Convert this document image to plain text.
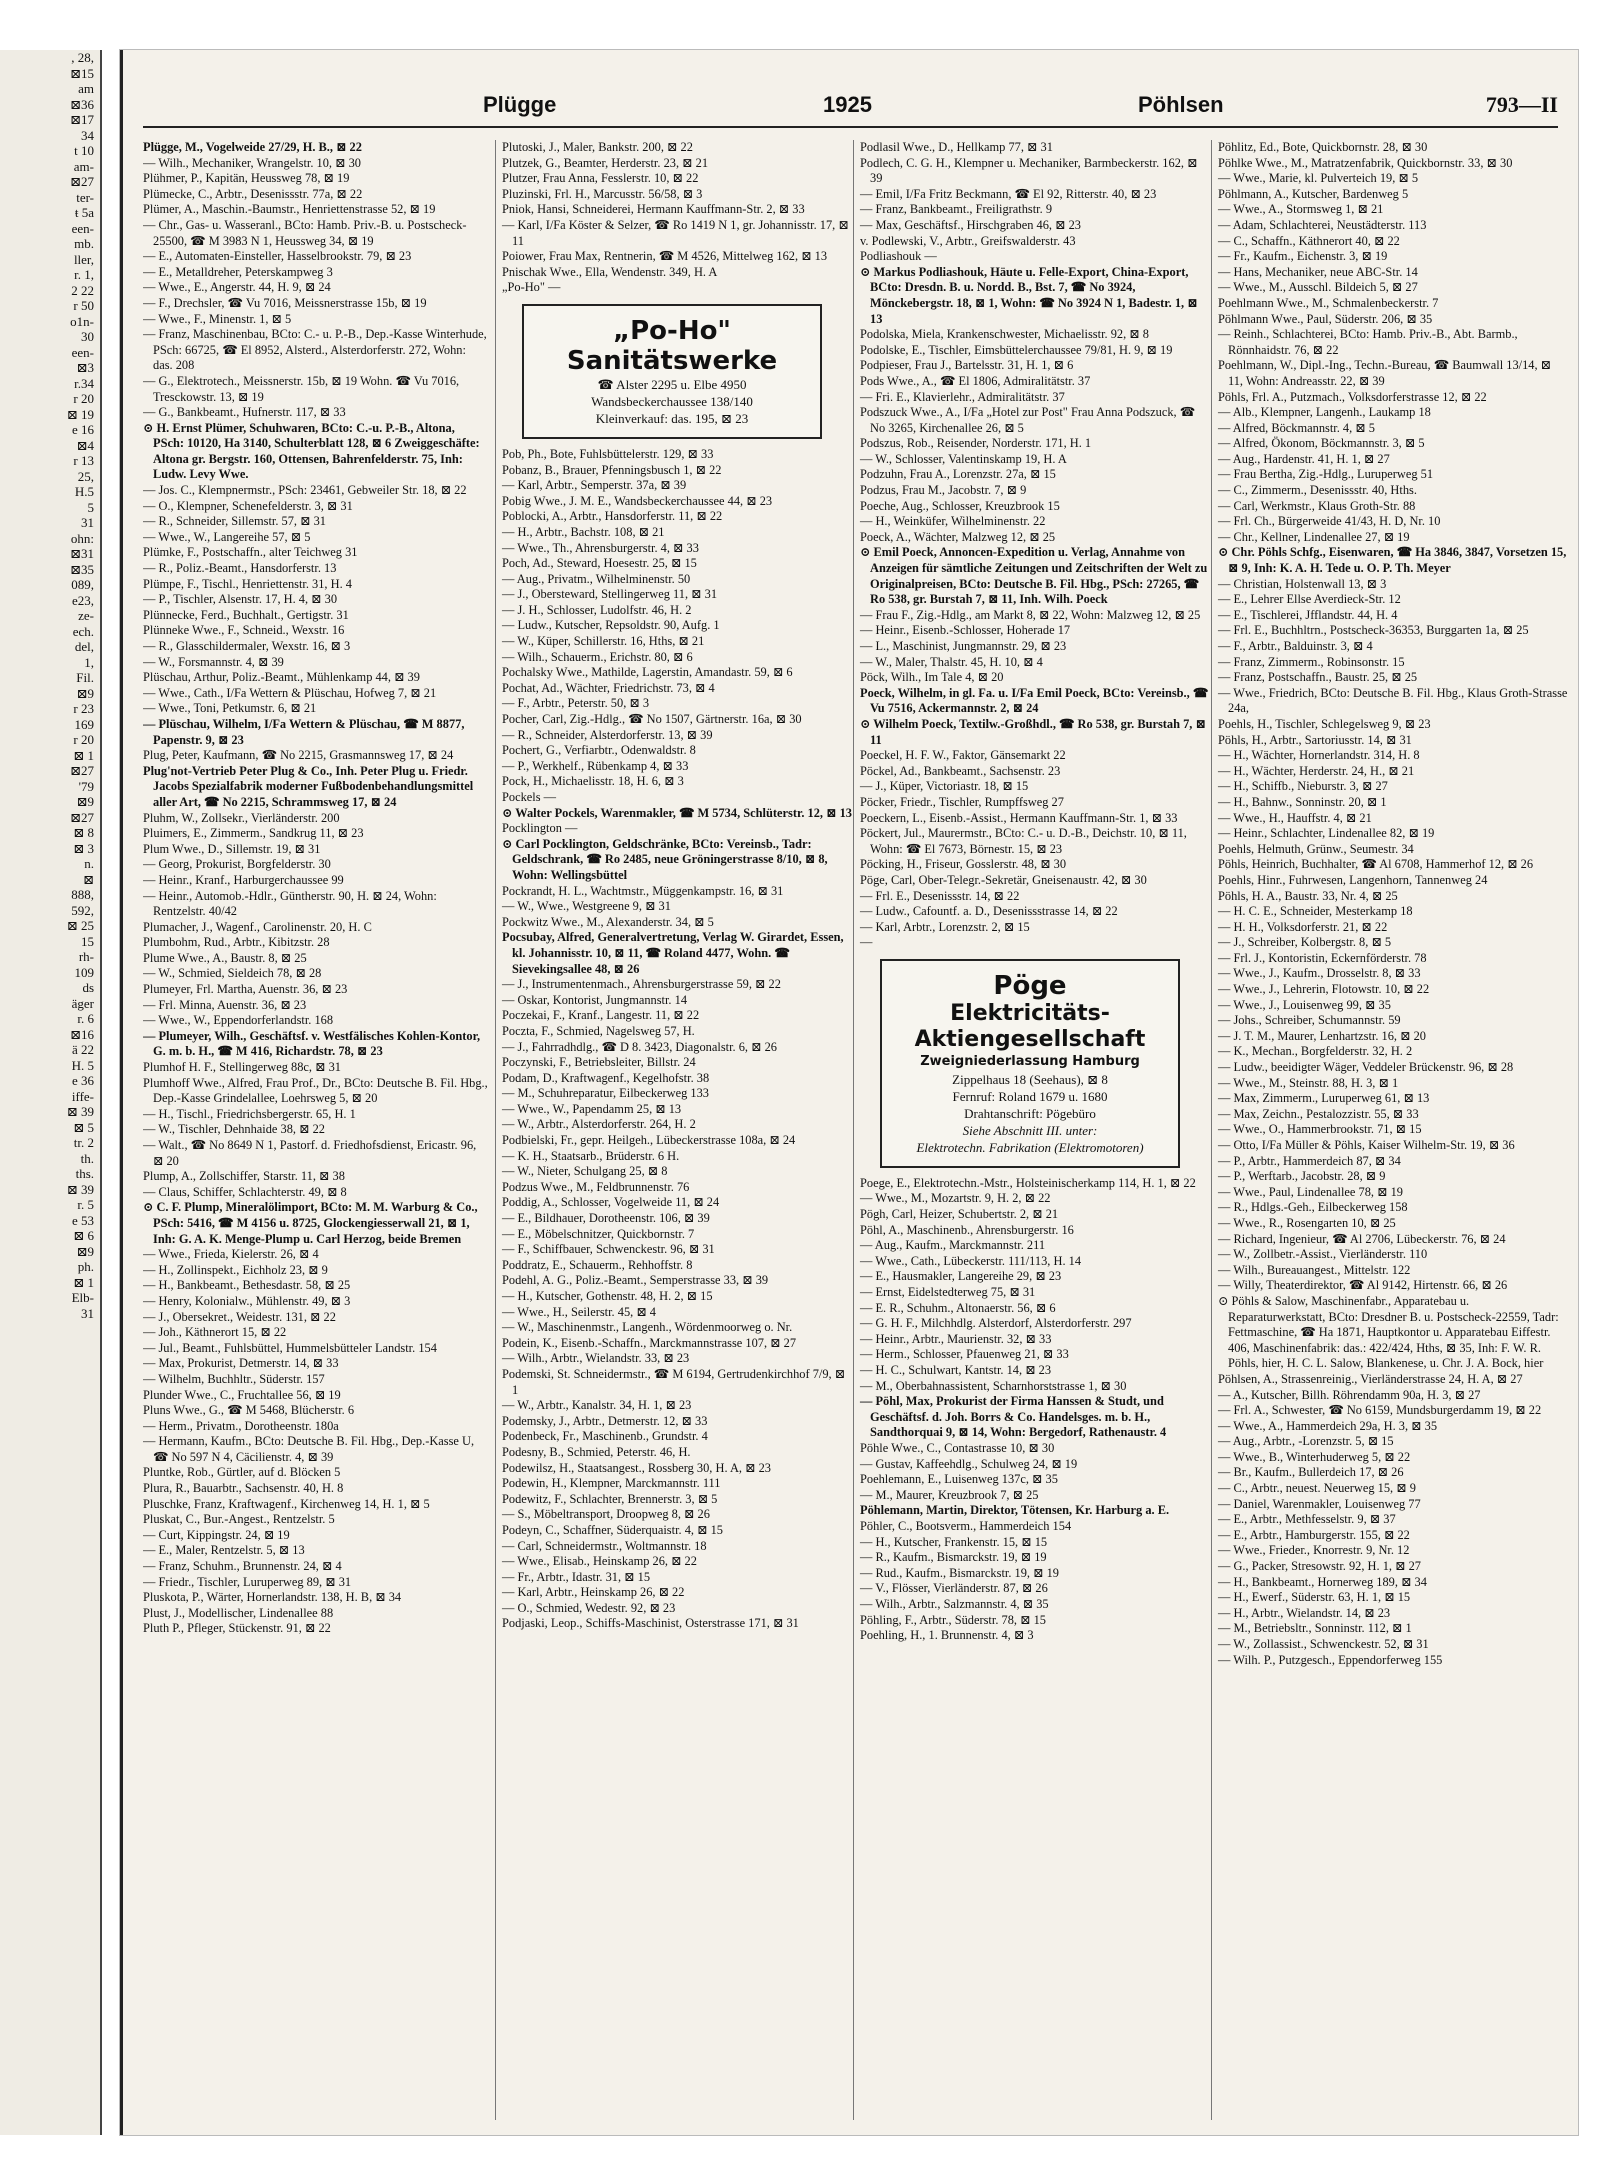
, 28,
⊠15
am
⊠36
⊠17
34
t 10
am-
⊠27
ter-
ŧ 5a
een-
mb.
ller,
r. 1,
2 22
r 50
o1n-
30
een-
⊠3
r.34
r 20
⊠ 19
e 16
⊠4
r 13
25,
H.5
5
31
ohn:
⊠31
⊠35
089,
e23,
ze-
ech.
del,
1,
Fil.
⊠9
r 23
169
r 20
⊠ 1
⊠27
'79
⊠9
⊠27
⊠ 8
⊠ 3
n.
⊠
888,
592,
⊠ 25
15
rh-
109
ds
äger
r. 6
⊠16
ä 22
H. 5
e 36
iffe-
⊠ 39
⊠ 5
tr. 2
th.
ths.
⊠ 39
r. 5
e 53
⊠ 6
⊠9
ph.
⊠ 1
Elb-
31
Plügge	1925	Pöhlsen	793—II

Plügge, M., Vogelweide 27/29, H. B., ⊠ 22

— Wilh., Mechaniker, Wrangelstr. 10, ⊠ 30

Plühmer, P., Kapitän, Heussweg 78, ⊠ 19

Plümecke, C., Arbtr., Desenissstr. 77a, ⊠ 22

Plümer, A., Maschin.-Baumstr., Henriettenstrasse 52, ⊠ 19

— Chr., Gas- u. Wasseranl., BCto: Hamb. Priv.-B. u. Postscheck-25500, ☎ M 3983 N 1, Heussweg 34, ⊠ 19

— E., Automaten-Einsteller, Hasselbrookstr. 79, ⊠ 23

— E., Metalldreher, Peterskampweg 3

— Wwe., E., Angerstr. 44, H. 9, ⊠ 24

— F., Drechsler, ☎ Vu 7016, Meissnerstrasse 15b, ⊠ 19

— Wwe., F., Minenstr. 1, ⊠ 5

— Franz, Maschinenbau, BCto: C.- u. P.-B., Dep.-Kasse Winterhude, PSch: 66725, ☎ El 8952, Alsterd., Alsterdorferstr. 272, Wohn: das. 208

— G., Elektrotech., Meissnerstr. 15b, ⊠ 19 Wohn. ☎ Vu 7016, Tresckowstr. 13, ⊠ 19

— G., Bankbeamt., Hufnerstr. 117, ⊠ 33

⊙ H. Ernst Plümer, Schuhwaren, BCto: C.-u. P.-B., Altona, PSch: 10120, Ha 3140, Schulterblatt 128, ⊠ 6 Zweiggeschäfte: Altona gr. Bergstr. 160, Ottensen, Bahrenfelderstr. 75, Inh: Ludw. Levy Wwe.

— Jos. C., Klempnermstr., PSch: 23461, Gebweiler Str. 18, ⊠ 22

— O., Klempner, Schenefelderstr. 3, ⊠ 31

— R., Schneider, Sillemstr. 57, ⊠ 31

— Wwe., W., Langereihe 57, ⊠ 5

Plümke, F., Postschaffn., alter Teichweg 31

— R., Poliz.-Beamt., Hansdorferstr. 13

Plümpe, F., Tischl., Henriettenstr. 31, H. 4

— P., Tischler, Alsenstr. 17, H. 4, ⊠ 30

Plünnecke, Ferd., Buchhalt., Gertigstr. 31

Plünneke Wwe., F., Schneid., Wexstr. 16

— R., Glasschildermaler, Wexstr. 16, ⊠ 3

— W., Forsmannstr. 4, ⊠ 39

Plüschau, Arthur, Poliz.-Beamt., Mühlenkamp 44, ⊠ 39

— Wwe., Cath., I/Fa Wettern & Plüschau, Hofweg 7, ⊠ 21

— Wwe., Toni, Petkumstr. 6, ⊠ 21

— Plüschau, Wilhelm, I/Fa Wettern & Plüschau, ☎ M 8877, Papenstr. 9, ⊠ 23

Plug, Peter, Kaufmann, ☎ No 2215, Grasmannsweg 17, ⊠ 24

Plug'not-Vertrieb Peter Plug & Co., Inh. Peter Plug u. Friedr. Jacobs Spezialfabrik moderner Fußbodenbehandlungsmittel aller Art, ☎ No 2215, Schrammsweg 17, ⊠ 24

Pluhm, W., Zollsekr., Vierländerstr. 200

Pluimers, E., Zimmerm., Sandkrug 11, ⊠ 23

Plum Wwe., D., Sillemstr. 19, ⊠ 31

— Georg, Prokurist, Borgfelderstr. 30

— Heinr., Kranf., Harburgerchaussee 99

— Heinr., Automob.-Hdlr., Güntherstr. 90, H. ⊠ 24, Wohn: Rentzelstr. 40/42

Plumacher, J., Wagenf., Carolinenstr. 20, H. C

Plumbohm, Rud., Arbtr., Kibitzstr. 28

Plume Wwe., A., Baustr. 8, ⊠ 25

— W., Schmied, Sieldeich 78, ⊠ 28

Plumeyer, Frl. Martha, Auenstr. 36, ⊠ 23

— Frl. Minna, Auenstr. 36, ⊠ 23

— Wwe., W., Eppendorferlandstr. 168

— Plumeyer, Wilh., Geschäftsf. v. Westfälisches Kohlen-Kontor, G. m. b. H., ☎ M 416, Richardstr. 78, ⊠ 23

Plumhof H. F., Stellingerweg 88c, ⊠ 31

Plumhoff Wwe., Alfred, Frau Prof., Dr., BCto: Deutsche B. Fil. Hbg., Dep.-Kasse Grindelallee, Loehrsweg 5, ⊠ 20

— H., Tischl., Friedrichsbergerstr. 65, H. 1

— W., Tischler, Dehnhaide 38, ⊠ 22

— Walt., ☎ No 8649 N 1, Pastorf. d. Friedhofsdienst, Ericastr. 96, ⊠ 20

Plump, A., Zollschiffer, Starstr. 11, ⊠ 38

— Claus, Schiffer, Schlachterstr. 49, ⊠ 8

⊙ C. F. Plump, Mineralölimport, BCto: M. M. Warburg & Co., PSch: 5416, ☎ M 4156 u. 8725, Glockengiesserwall 21, ⊠ 1, Inh: G. A. K. Menge-Plump u. Carl Herzog, beide Bremen

— Wwe., Frieda, Kielerstr. 26, ⊠ 4

— H., Zollinspekt., Eichholz 23, ⊠ 9

— H., Bankbeamt., Bethesdastr. 58, ⊠ 25

— Henry, Kolonialw., Mühlenstr. 49, ⊠ 3

— J., Obersekret., Weidestr. 131, ⊠ 22

— Joh., Käthnerort 15, ⊠ 22

— Jul., Beamt., Fuhlsbüttel, Hummelsbütteler Landstr. 154

— Max, Prokurist, Detmerstr. 14, ⊠ 33

— Wilhelm, Buchhltr., Süderstr. 157

Plunder Wwe., C., Fruchtallee 56, ⊠ 19

Pluns Wwe., G., ☎ M 5468, Blücherstr. 6

— Herm., Privatm., Dorotheenstr. 180a

— Hermann, Kaufm., BCto: Deutsche B. Fil. Hbg., Dep.-Kasse U, ☎ No 597 N 4, Cäcilienstr. 4, ⊠ 39

Pluntke, Rob., Gürtler, auf d. Blöcken 5

Plura, R., Bauarbtr., Sachsenstr. 40, H. 8

Pluschke, Franz, Kraftwagenf., Kirchenweg 14, H. 1, ⊠ 5

Pluskat, C., Bur.-Angest., Rentzelstr. 5

— Curt, Kippingstr. 24, ⊠ 19

— E., Maler, Rentzelstr. 5, ⊠ 13

— Franz, Schuhm., Brunnenstr. 24, ⊠ 4

— Friedr., Tischler, Luruperweg 89, ⊠ 31

Pluskota, P., Wärter, Hornerlandstr. 138, H. B, ⊠ 34

Plust, J., Modellischer, Lindenallee 88

Pluth P., Pfleger, Stückenstr. 91, ⊠ 22

Plutoski, J., Maler, Bankstr. 200, ⊠ 22

Plutzek, G., Beamter, Herderstr. 23, ⊠ 21

Plutzer, Frau Anna, Fesslerstr. 10, ⊠ 22

Pluzinski, Frl. H., Marcusstr. 56/58, ⊠ 3

Pniok, Hansi, Schneiderei, Hermann Kauffmann-Str. 2, ⊠ 33

— Karl, I/Fa Köster & Selzer, ☎ Ro 1419 N 1, gr. Johannisstr. 17, ⊠ 11

Poiower, Frau Max, Rentnerin, ☎ M 4526, Mittelweg 162, ⊠ 13

Pnischak Wwe., Ella, Wendenstr. 349, H. A

„Po-Ho" —

„Po-Ho"
Sanitätswerke
☎ Alster 2295 u. Elbe 4950
Wandsbeckerchaussee 138/140
Kleinverkauf: das. 195, ⊠ 23

Pob, Ph., Bote, Fuhlsbüttelerstr. 129, ⊠ 33

Pobanz, B., Brauer, Pfenningsbusch 1, ⊠ 22

— Karl, Arbtr., Semperstr. 37a, ⊠ 39

Pobig Wwe., J. M. E., Wandsbeckerchaussee 44, ⊠ 23

Poblocki, A., Arbtr., Hansdorferstr. 11, ⊠ 22

— H., Arbtr., Bachstr. 108, ⊠ 21

— Wwe., Th., Ahrensburgerstr. 4, ⊠ 33

Poch, Ad., Steward, Hoesestr. 25, ⊠ 15

— Aug., Privatm., Wilhelminenstr. 50

— J., Obersteward, Stellingerweg 11, ⊠ 31

— J. H., Schlosser, Ludolfstr. 46, H. 2

— Ludw., Kutscher, Repsoldstr. 90, Aufg. 1

— W., Küper, Schillerstr. 16, Hths, ⊠ 21

— Wilh., Schauerm., Erichstr. 80, ⊠ 6

Pochalsky Wwe., Mathilde, Lagerstin, Amandastr. 59, ⊠ 6

Pochat, Ad., Wächter, Friedrichstr. 73, ⊠ 4

— F., Arbtr., Peterstr. 50, ⊠ 3

Pocher, Carl, Zig.-Hdlg., ☎ No 1507, Gärtnerstr. 16a, ⊠ 30

— R., Schneider, Alsterdorferstr. 13, ⊠ 39

Pochert, G., Verfiarbtr., Odenwaldstr. 8

— P., Werkhelf., Rübenkamp 4, ⊠ 33

Pock, H., Michaelisstr. 18, H. 6, ⊠ 3

Pockels —

⊙ Walter Pockels, Warenmakler, ☎ M 5734, Schlüterstr. 12, ⊠ 13

Pocklington —

⊙ Carl Pocklington, Geldschränke, BCto: Vereinsb., Tadr: Geldschrank, ☎ Ro 2485, neue Gröningerstrasse 8/10, ⊠ 8, Wohn: Wellingsbüttel

Pockrandt, H. L., Wachtmstr., Müggenkampstr. 16, ⊠ 31

— W., Wwe., Westgreene 9, ⊠ 31

Pockwitz Wwe., M., Alexanderstr. 34, ⊠ 5

Pocsubay, Alfred, Generalvertretung, Verlag W. Girardet, Essen, kl. Johannisstr. 10, ⊠ 11, ☎ Roland 4477, Wohn. ☎ Sievekingsallee 48, ⊠ 26

— J., Instrumentenmach., Ahrensburgerstrasse 59, ⊠ 22

— Oskar, Kontorist, Jungmannstr. 14

Poczekai, F., Kranf., Langestr. 11, ⊠ 22

Poczta, F., Schmied, Nagelsweg 57, H.

— J., Fahrradhdlg., ☎ D 8. 3423, Diagonalstr. 6, ⊠ 26

Poczynski, F., Betriebsleiter, Billstr. 24

Podam, D., Kraftwagenf., Kegelhofstr. 38

— M., Schuhreparatur, Eilbeckerweg 133

— Wwe., W., Papendamm 25, ⊠ 13

— W., Arbtr., Alsterdorferstr. 264, H. 2

Podbielski, Fr., gepr. Heilgeh., Lübeckerstrasse 108a, ⊠ 24

— K. H., Staatsarb., Brüderstr. 6 H.

— W., Nieter, Schulgang 25, ⊠ 8

Podzus Wwe., M., Feldbrunnenstr. 76

Poddig, A., Schlosser, Vogelweide 11, ⊠ 24

— E., Bildhauer, Dorotheenstr. 106, ⊠ 39

— E., Möbelschnitzer, Quickbornstr. 7

— F., Schiffbauer, Schwenckestr. 96, ⊠ 31

Poddratz, E., Schauerm., Rehhoffstr. 8

Podehl, A. G., Poliz.-Beamt., Semperstrasse 33, ⊠ 39

— H., Kutscher, Gothenstr. 48, H. 2, ⊠ 15

— Wwe., H., Seilerstr. 45, ⊠ 4

— W., Maschinenmstr., Langenh., Wördenmoorweg o. Nr.

Podein, K., Eisenb.-Schaffn., Marckmannstrasse 107, ⊠ 27

— Wilh., Arbtr., Wielandstr. 33, ⊠ 23

Podemski, St. Schneidermstr., ☎ M 6194, Gertrudenkirchhof 7/9, ⊠ 1

— W., Arbtr., Kanalstr. 34, H. 1, ⊠ 23

Podemsky, J., Arbtr., Detmerstr. 12, ⊠ 33

Podenbeck, Fr., Maschinenb., Grundstr. 4

Podesny, B., Schmied, Peterstr. 46, H.

Podewilsz, H., Staatsangest., Rossberg 30, H. A, ⊠ 23

Podewin, H., Klempner, Marckmannstr. 111

Podewitz, F., Schlachter, Brennerstr. 3, ⊠ 5

— S., Möbeltransport, Droopweg 8, ⊠ 26

Podeyn, C., Schaffner, Süderquaistr. 4, ⊠ 15

— Carl, Schneidermstr., Woltmannstr. 18

— Wwe., Elisab., Heinskamp 26, ⊠ 22

— Fr., Arbtr., Idastr. 31, ⊠ 15

— Karl, Arbtr., Heinskamp 26, ⊠ 22

— O., Schmied, Wedestr. 92, ⊠ 23

Podjaski, Leop., Schiffs-Maschinist, Osterstrasse 171, ⊠ 31

Podlasil Wwe., D., Hellkamp 77, ⊠ 31

Podlech, C. G. H., Klempner u. Mechaniker, Barmbeckerstr. 162, ⊠ 39

— Emil, I/Fa Fritz Beckmann, ☎ El 92, Ritterstr. 40, ⊠ 23

— Franz, Bankbeamt., Freiligrathstr. 9

— Max, Geschäftsf., Hirschgraben 46, ⊠ 23

v. Podlewski, V., Arbtr., Greifswalderstr. 43

Podliashouk —

⊙ Markus Podliashouk, Häute u. Felle-Export, China-Export, BCto: Dresdn. B. u. Nordd. B., Bst. 7, ☎ No 3924, Mönckebergstr. 18, ⊠ 1, Wohn: ☎ No 3924 N 1, Badestr. 1, ⊠ 13

Podolska, Miela, Krankenschwester, Michaelisstr. 92, ⊠ 8

Podolske, E., Tischler, Eimsbüttelerchaussee 79/81, H. 9, ⊠ 19

Podpieser, Frau J., Bartelsstr. 31, H. 1, ⊠ 6

Pods Wwe., A., ☎ El 1806, Admiralitätstr. 37

— Fri. E., Klavierlehr., Admiralitätstr. 37

Podszuck Wwe., A., I/Fa „Hotel zur Post" Frau Anna Podszuck, ☎ No 3265, Kirchenallee 26, ⊠ 5

Podszus, Rob., Reisender, Norderstr. 171, H. 1

— W., Schlosser, Valentinskamp 19, H. A

Podzuhn, Frau A., Lorenzstr. 27a, ⊠ 15

Podzus, Frau M., Jacobstr. 7, ⊠ 9

Poeche, Aug., Schlosser, Kreuzbrook 15

— H., Weinküfer, Wilhelminenstr. 22

Poeck, A., Wächter, Malzweg 12, ⊠ 25

⊙ Emil Poeck, Annoncen-Expedition u. Verlag, Annahme von Anzeigen für sämtliche Zeitungen und Zeitschriften der Welt zu Originalpreisen, BCto: Deutsche B. Fil. Hbg., PSch: 27265, ☎ Ro 538, gr. Burstah 7, ⊠ 11, Inh. Wilh. Poeck

— Frau F., Zig.-Hdlg., am Markt 8, ⊠ 22, Wohn: Malzweg 12, ⊠ 25

— Heinr., Eisenb.-Schlosser, Hoherade 17

— L., Maschinist, Jungmannstr. 29, ⊠ 23

— W., Maler, Thalstr. 45, H. 10, ⊠ 4

Pöck, Wilh., Im Tale 4, ⊠ 20

Poeck, Wilhelm, in gl. Fa. u. I/Fa Emil Poeck, BCto: Vereinsb., ☎ Vu 7516, Ackermannstr. 2, ⊠ 24

⊙ Wilhelm Poeck, Textilw.-Großhdl., ☎ Ro 538, gr. Burstah 7, ⊠ 11

Poeckel, H. F. W., Faktor, Gänsemarkt 22

Pöckel, Ad., Bankbeamt., Sachsenstr. 23

— J., Küper, Victoriastr. 18, ⊠ 15

Pöcker, Friedr., Tischler, Rumpffsweg 27

Poeckern, L., Eisenb.-Assist., Hermann Kauffmann-Str. 1, ⊠ 33

Pöckert, Jul., Maurermstr., BCto: C.- u. D.-B., Deichstr. 10, ⊠ 11, Wohn: ☎ El 7673, Börnestr. 15, ⊠ 23

Pöcking, H., Friseur, Gosslerstr. 48, ⊠ 30

Pöge, Carl, Ober-Telegr.-Sekretär, Gneisenaustr. 42, ⊠ 30

— Frl. E., Desenissstr. 14, ⊠ 22

— Ludw., Cafountf. a. D., Desenissstrasse 14, ⊠ 22

— Karl, Arbtr., Lorenzstr. 2, ⊠ 15

—

Pöge
Elektricitäts-Aktiengesellschaft
Zweigniederlassung Hamburg
Zippelhaus 18 (Seehaus), ⊠ 8
Fernruf: Roland 1679 u. 1680
Drahtanschrift: Pögebüro
Siehe Abschnitt III. unter:
Elektrotechn. Fabrikation (Elektromotoren)

Poege, E., Elektrotechn.-Mstr., Holsteinischerkamp 114, H. 1, ⊠ 22

— Wwe., M., Mozartstr. 9, H. 2, ⊠ 22

Pögh, Carl, Heizer, Schubertstr. 2, ⊠ 21

Pöhl, A., Maschinenb., Ahrensburgerstr. 16

— Aug., Kaufm., Marckmannstr. 211

— Wwe., Cath., Lübeckerstr. 111/113, H. 14

— E., Hausmakler, Langereihe 29, ⊠ 23

— Ernst, Eidelstedterweg 75, ⊠ 31

— E. R., Schuhm., Altonaerstr. 56, ⊠ 6

— G. H. F., Milchhdlg. Alsterdorf, Alsterdorferstr. 297

— Heinr., Arbtr., Maurienstr. 32, ⊠ 33

— Herm., Schlosser, Pfauenweg 21, ⊠ 33

— H. C., Schulwart, Kantstr. 14, ⊠ 23

— M., Oberbahnassistent, Scharnhorststrasse 1, ⊠ 30

— Pöhl, Max, Prokurist der Firma Hanssen & Studt, und Geschäftsf. d. Joh. Borrs & Co. Handelsges. m. b. H., Sandthorquai 9, ⊠ 14, Wohn: Bergedorf, Rathenaustr. 4

Pöhle Wwe., C., Contastrasse 10, ⊠ 30

— Gustav, Kaffeehdlg., Schulweg 24, ⊠ 19

Poehlemann, E., Luisenweg 137c, ⊠ 35

— M., Maurer, Kreuzbrook 7, ⊠ 25

Pöhlemann, Martin, Direktor, Tötensen, Kr. Harburg a. E.

Pöhler, C., Bootsverm., Hammerdeich 154

— H., Kutscher, Frankenstr. 15, ⊠ 15

— R., Kaufm., Bismarckstr. 19, ⊠ 19

— Rud., Kaufm., Bismarckstr. 19, ⊠ 19

— V., Flösser, Vierländerstr. 87, ⊠ 26

— Wilh., Arbtr., Salzmannstr. 4, ⊠ 35

Pöhling, F., Arbtr., Süderstr. 78, ⊠ 15

Poehling, H., 1. Brunnenstr. 4, ⊠ 3

Pöhlitz, Ed., Bote, Quickbornstr. 28, ⊠ 30

Pöhlke Wwe., M., Matratzenfabrik, Quickbornstr. 33, ⊠ 30

— Wwe., Marie, kl. Pulverteich 19, ⊠ 5

Pöhlmann, A., Kutscher, Bardenweg 5

— Wwe., A., Stormsweg 1, ⊠ 21

— Adam, Schlachterei, Neustädterstr. 113

— C., Schaffn., Käthnerort 40, ⊠ 22

— Fr., Kaufm., Eichenstr. 3, ⊠ 19

— Hans, Mechaniker, neue ABC-Str. 14

— Wwe., M., Ausschl. Bildeich 5, ⊠ 27

Poehlmann Wwe., M., Schmalenbeckerstr. 7

Pöhlmann Wwe., Paul, Süderstr. 206, ⊠ 35

— Reinh., Schlachterei, BCto: Hamb. Priv.-B., Abt. Barmb., Rönnhaidstr. 76, ⊠ 22

Poehlmann, W., Dipl.-Ing., Techn.-Bureau, ☎ Baumwall 13/14, ⊠ 11, Wohn: Andreasstr. 22, ⊠ 39

Pöhls, Frl. A., Putzmach., Volksdorferstrasse 12, ⊠ 22

— Alb., Klempner, Langenh., Laukamp 18

— Alfred, Böckmannstr. 4, ⊠ 5

— Alfred, Ökonom, Böckmannstr. 3, ⊠ 5

— Aug., Hardenstr. 41, H. 1, ⊠ 27

— Frau Bertha, Zig.-Hdlg., Luruperweg 51

— C., Zimmerm., Desenissstr. 40, Hths.

— Carl, Werkmstr., Klaus Groth-Str. 88

— Frl. Ch., Bürgerweide 41/43, H. D, Nr. 10

— Chr., Kellner, Lindenallee 27, ⊠ 19

⊙ Chr. Pöhls Schfg., Eisenwaren, ☎ Ha 3846, 3847, Vorsetzen 15, ⊠ 9, Inh: K. A. H. Tede u. O. P. Th. Meyer

— Christian, Holstenwall 13, ⊠ 3

— E., Lehrer Ellse Averdieck-Str. 12

— E., Tischlerei, Jfflandstr. 44, H. 4

— Frl. E., Buchhltrn., Postscheck-36353, Burggarten 1a, ⊠ 25

— F., Arbtr., Balduinstr. 3, ⊠ 4

— Franz, Zimmerm., Robinsonstr. 15

— Franz, Postschaffn., Baustr. 25, ⊠ 25

— Wwe., Friedrich, BCto: Deutsche B. Fil. Hbg., Klaus Groth-Strasse 24a,

Poehls, H., Tischler, Schlegelsweg 9, ⊠ 23

Pöhls, H., Arbtr., Sartoriusstr. 14, ⊠ 31

— H., Wächter, Hornerlandstr. 314, H. 8

— H., Wächter, Herderstr. 24, H., ⊠ 21

— H., Schiffb., Nieburstr. 3, ⊠ 27

— H., Bahnw., Sonninstr. 20, ⊠ 1

— Wwe., H., Hauffstr. 4, ⊠ 21

— Heinr., Schlachter, Lindenallee 82, ⊠ 19

Poehls, Helmuth, Grünw., Seumestr. 34

Pöhls, Heinrich, Buchhalter, ☎ Al 6708, Hammerhof 12, ⊠ 26

Poehls, Hinr., Fuhrwesen, Langenhorn, Tannenweg 24

Pöhls, H. A., Baustr. 33, Nr. 4, ⊠ 25

— H. C. E., Schneider, Mesterkamp 18

— H. H., Volksdorferstr. 21, ⊠ 22

— J., Schreiber, Kolbergstr. 8, ⊠ 5

— Frl. J., Kontoristin, Eckernförderstr. 78

— Wwe., J., Kaufm., Drosselstr. 8, ⊠ 33

— Wwe., J., Lehrerin, Flotowstr. 10, ⊠ 22

— Wwe., J., Louisenweg 99, ⊠ 35

— Johs., Schreiber, Schumannstr. 59

— J. T. M., Maurer, Lenhartzstr. 16, ⊠ 20

— K., Mechan., Borgfelderstr. 32, H. 2

— Ludw., beeidigter Wäger, Veddeler Brückenstr. 96, ⊠ 28

— Wwe., M., Steinstr. 88, H. 3, ⊠ 1

— Max, Zimmerm., Luruperweg 61, ⊠ 13

— Max, Zeichn., Pestalozzistr. 55, ⊠ 33

— Wwe., O., Hammerbrookstr. 71, ⊠ 15

— Otto, I/Fa Müller & Pöhls, Kaiser Wilhelm-Str. 19, ⊠ 36

— P., Arbtr., Hammerdeich 87, ⊠ 34

— P., Werftarb., Jacobstr. 28, ⊠ 9

— Wwe., Paul, Lindenallee 78, ⊠ 19

— R., Hdlgs.-Geh., Eilbeckerweg 158

— Wwe., R., Rosengarten 10, ⊠ 25

— Richard, Ingenieur, ☎ Al 2706, Lübeckerstr. 76, ⊠ 24

— W., Zollbetr.-Assist., Vierländerstr. 110

— Wilh., Bureauangest., Mittelstr. 122

— Willy, Theaterdirektor, ☎ Al 9142, Hirtenstr. 66, ⊠ 26

⊙ Pöhls & Salow, Maschinenfabr., Apparatebau u. Reparaturwerkstatt, BCto: Dresdner B. u. Postscheck-22559, Tadr: Fettmaschine, ☎ Ha 1871, Hauptkontor u. Apparatebau Eiffestr. 406, Maschinenfabrik: das.: 422/424, Hths, ⊠ 35, Inh: F. W. R. Pöhls, hier, H. C. L. Salow, Blankenese, u. Chr. J. A. Bock, hier

Pöhlsen, A., Strassenreinig., Vierländerstrasse 24, H. A, ⊠ 27

— A., Kutscher, Billh. Röhrendamm 90a, H. 3, ⊠ 27

— Frl. A., Schwester, ☎ No 6159, Mundsburgerdamm 19, ⊠ 22

— Wwe., A., Hammerdeich 29a, H. 3, ⊠ 35

— Aug., Arbtr., -Lorenzstr. 5, ⊠ 15

— Wwe., B., Winterhuderweg 5, ⊠ 22

— Br., Kaufm., Bullerdeich 17, ⊠ 26

— C., Arbtr., neuest. Neuerweg 15, ⊠ 9

— Daniel, Warenmakler, Louisenweg 77

— E., Arbtr., Methfesselstr. 9, ⊠ 37

— E., Arbtr., Hamburgerstr. 155, ⊠ 22

— Wwe., Frieder., Knorrestr. 9, Nr. 12

— G., Packer, Stresowstr. 92, H. 1, ⊠ 27

— H., Bankbeamt., Hornerweg 189, ⊠ 34

— H., Ewerf., Süderstr. 63, H. 1, ⊠ 15

— H., Arbtr., Wielandstr. 14, ⊠ 23

— M., Betriebsltr., Sonninstr. 112, ⊠ 1

— W., Zollassist., Schwenckestr. 52, ⊠ 31

— Wilh. P., Putzgesch., Eppendorferweg 155
